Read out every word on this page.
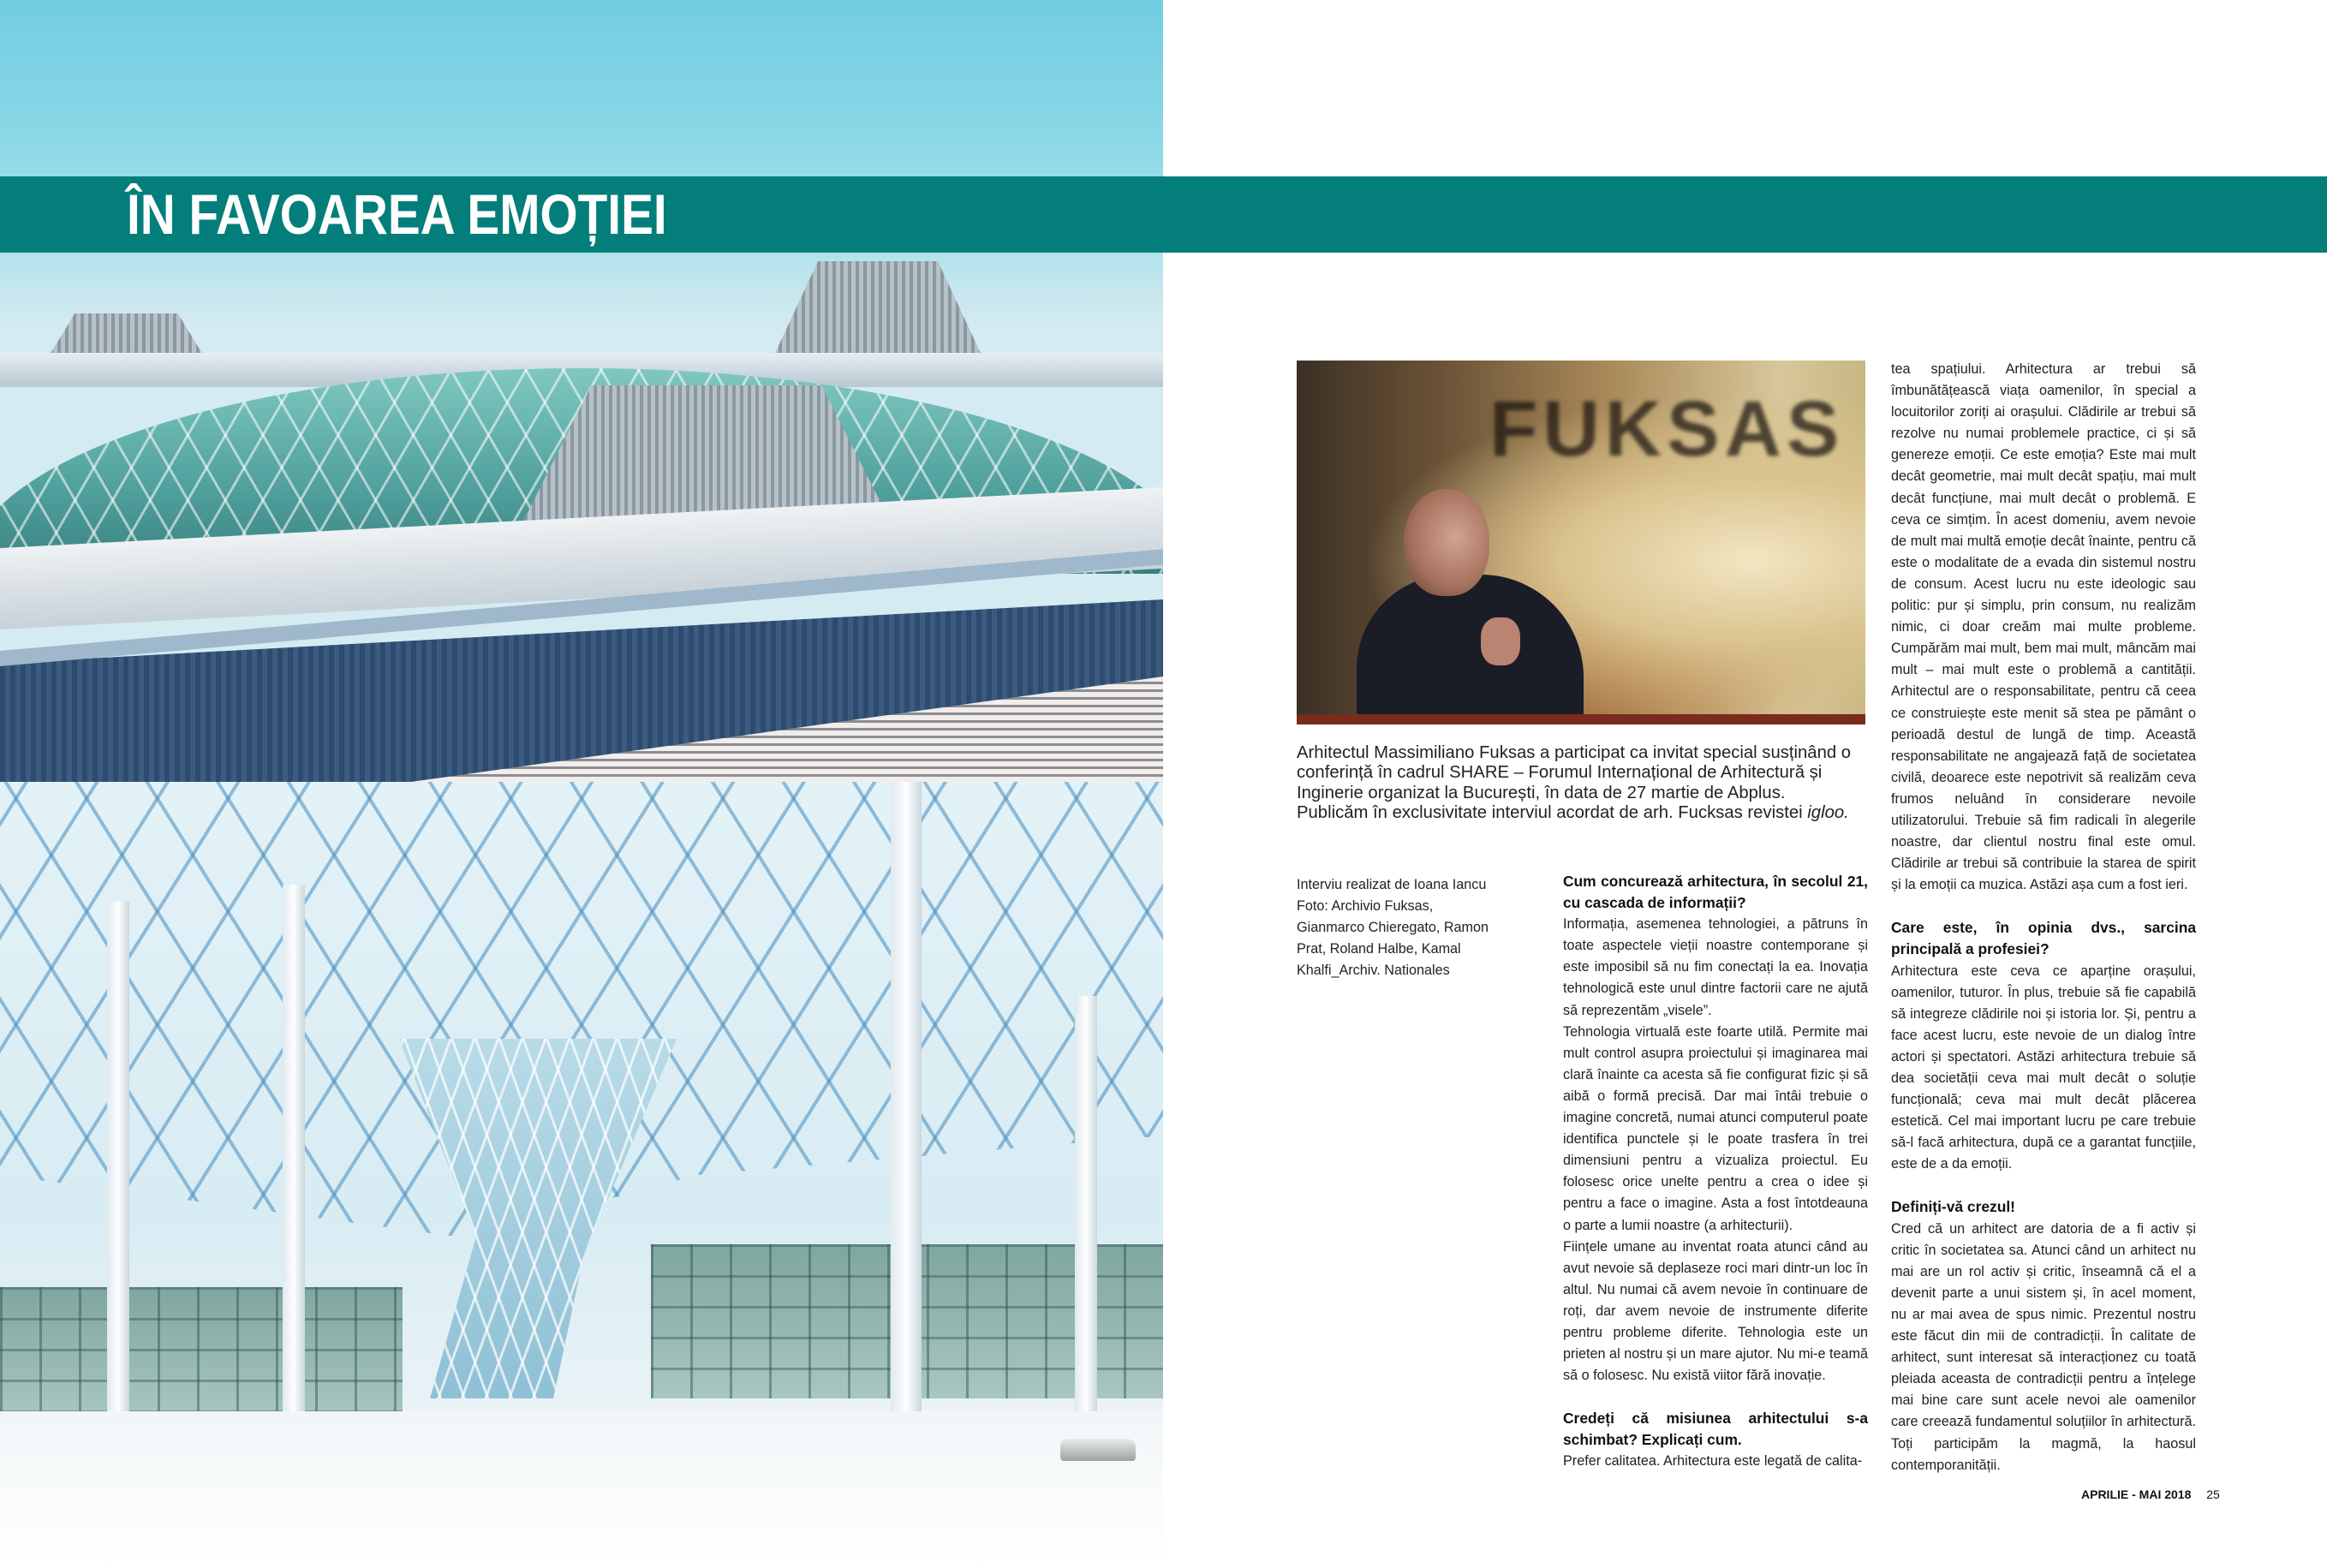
ÎN FAVOAREA EMOȚIEI
FUKSAS

Arhitectul Massimiliano Fuksas a participat ca invitat special susținând o conferință în cadrul SHARE – Forumul Internațional de Arhitectură și Inginerie organizat la București, în data de 27 martie de Abplus.

Publicăm în exclusivitate interviul acordat de arh. Fucksas revistei igloo.

Interviu realizat de Ioana Iancu

Foto: Archivio Fuksas, Gianmarco Chieregato, Ramon Prat, Roland Halbe, Kamal Khalfi_Archiv. Nationales

Cum concurează arhitectura, în secolul 21, cu cascada de informații?

Informația, asemenea tehnologiei, a pătruns în toate aspectele vieții noastre contemporane și este imposibil să nu fim conectați la ea. Inovația tehnologică este unul dintre factorii care ne ajută să reprezentăm „visele”.

Tehnologia virtuală este foarte utilă. Permite mai mult control asupra proiectului și imaginarea mai clară înainte ca acesta să fie configurat fizic și să aibă o formă precisă. Dar mai întâi trebuie o imagine concretă, numai atunci computerul poate identifica punctele și le poate trasfera în trei dimensiuni pentru a vizualiza proiectul. Eu folosesc orice unelte pentru a crea o idee și pentru a face o imagine. Asta a fost întotdeauna o parte a lumii noastre (a arhitecturii).

Ființele umane au inventat roata atunci când au avut nevoie să deplaseze roci mari dintr-un loc în altul. Nu numai că avem nevoie în continuare de roți, dar avem nevoie de instrumente diferite pentru probleme diferite. Tehnologia este un prieten al nostru și un mare ajutor. Nu mi-e teamă să o folosesc. Nu există viitor fără inovație.

Credeți că misiunea arhitectului s-a schimbat? Explicați cum.

Prefer calitatea. Arhitectura este legată de calita-

tea spațiului. Arhitectura ar trebui să îmbunătățească viața oamenilor, în special a locuitorilor zoriți ai orașului. Clădirile ar trebui să rezolve nu numai problemele practice, ci și să genereze emoții. Ce este emoția? Este mai mult decât geometrie, mai mult decât spațiu, mai mult decât funcțiune, mai mult decât o problemă. E ceva ce simțim. În acest domeniu, avem nevoie de mult mai multă emoție decât înainte, pentru că este o modalitate de a evada din sistemul nostru de consum. Acest lucru nu este ideologic sau politic: pur și simplu, prin consum, nu realizăm nimic, ci doar creăm mai multe probleme. Cumpărăm mai mult, bem mai mult, mâncăm mai mult – mai mult este o problemă a cantității. Arhitectul are o responsabilitate, pentru că ceea ce construiește este menit să stea pe pământ o perioadă destul de lungă de timp. Această responsabilitate ne angajează față de societatea civilă, deoarece este nepotrivit să realizăm ceva frumos neluând în considerare nevoile utilizatorului. Trebuie să fim radicali în alegerile noastre, dar clientul nostru final este omul. Clădirile ar trebui să contribuie la starea de spirit și la emoții ca muzica. Astăzi așa cum a fost ieri.

Care este, în opinia dvs., sarcina principală a profesiei?

Arhitectura este ceva ce aparține orașului, oamenilor, tuturor. În plus, trebuie să fie capabilă să integreze clădirile noi și istoria lor. Și, pentru a face acest lucru, este nevoie de un dialog între actori și spectatori. Astăzi arhitectura trebuie să dea societății ceva mai mult decât o soluție funcțională; ceva mai mult decât plăcerea estetică. Cel mai important lucru pe care trebuie să-l facă arhitectura, după ce a garantat funcțiile, este de a da emoții.

Definiți-vă crezul!

Cred că un arhitect are datoria de a fi activ și critic în societatea sa. Atunci când un arhitect nu mai are un rol activ și critic, înseamnă că el a devenit parte a unui sistem și, în acel moment, nu ar mai avea de spus nimic. Prezentul nostru este făcut din mii de contradicții. În calitate de arhitect, sunt interesat să interacționez cu toată pleiada aceasta de contradicții pentru a înțelege mai bine care sunt acele nevoi ale oamenilor care creează fundamentul soluțiilor în arhitectură. Toți participăm la magmă, la haosul contemporanității.

APRILIE - MAI 2018 25
